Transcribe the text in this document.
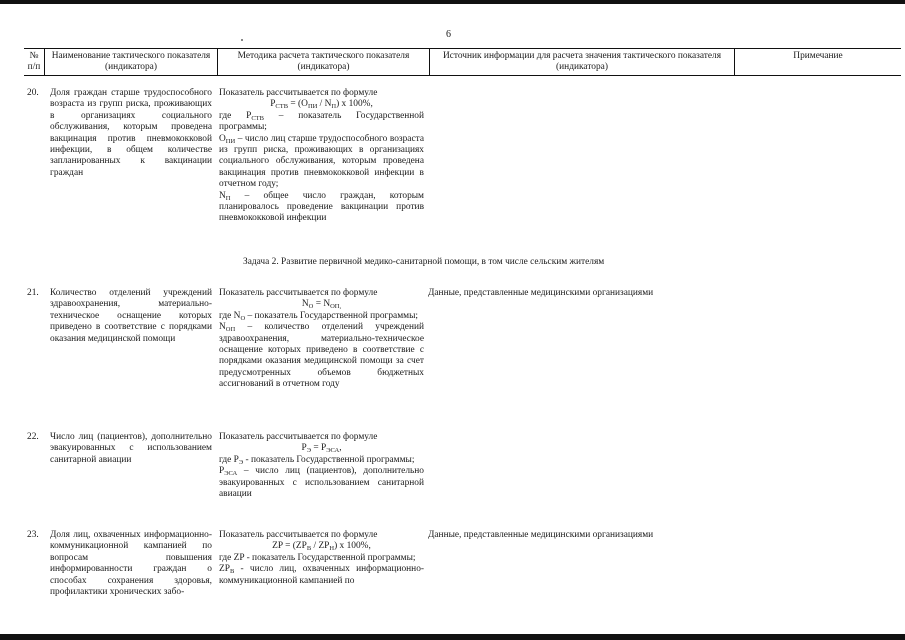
6
№
п/п
Наименование тактического показателя (индикатора)
Методика расчета тактического показателя (индикатора)
Источник информации для расчета значения тактического показателя (индикатора)
Примечание
20. Доля граждан старше трудоспособного возраста из групп риска, проживающих в организациях социального обслуживания, которым проведена вакцинация против пневмококковой инфекции, в общем количестве запланированных к вакцинации граждан

Показатель рассчитывается по формуле

$Р_{СТВ} = (О_{ПИ} / N_П)$ х 100%,

где $Р_{СТВ}$ – показатель Государственной программы;

$О_{ПИ}$ – число лиц старше трудоспособного возраста из групп риска, проживающих в организациях социального обслуживания, которым проведена вакцинация против пневмококковой инфекции в отчетном году;

$N_П$ – общее число граждан, которым планировалось проведение вакцинации против пневмококковой инфекции

Задача 2. Развитие первичной медико-санитарной помощи, в том числе сельским жителям
21. Количество отделений учреждений здравоохранения, материально-техническое оснащение которых приведено в соответствие с порядками оказания медицинской помощи

Показатель рассчитывается по формуле

$N_О = N_{ОП,}$

где $N_О$ – показатель Государственной программы;

$N_{ОП}$ – количество отделений учреждений здравоохранения, материально-техническое оснащение которых приведено в соответствие с порядками оказания медицинской помощи за счет предусмотренных объемов бюджетных ассигнований в отчетном году

Данные, представленные медицинскими организациями
22. Число лиц (пациентов), дополнительно эвакуированных с использованием санитарной авиации

Показатель рассчитывается по формуле

$Р_Э = Р_{ЭСА}$,

где $Р_Э$ - показатель Государственной программы;

$Р_{ЭСА}$ – число лиц (пациентов), дополнительно эвакуированных с использованием санитарной авиации

23. Доля лиц, охваченных информационно-коммуникационной кампанией по вопросам повышения информированности граждан о способах сохранения здоровья, профилактики хронических забо-

Показатель рассчитывается по формуле

ZP = $(ZP_В / ZP_Н)$ х 100%,

где ZP - показатель Государственной программы;

$ZP_В$ - число лиц, охваченных информационно-коммуникационной кампанией по

Данные, представленные медицинскими организациями
